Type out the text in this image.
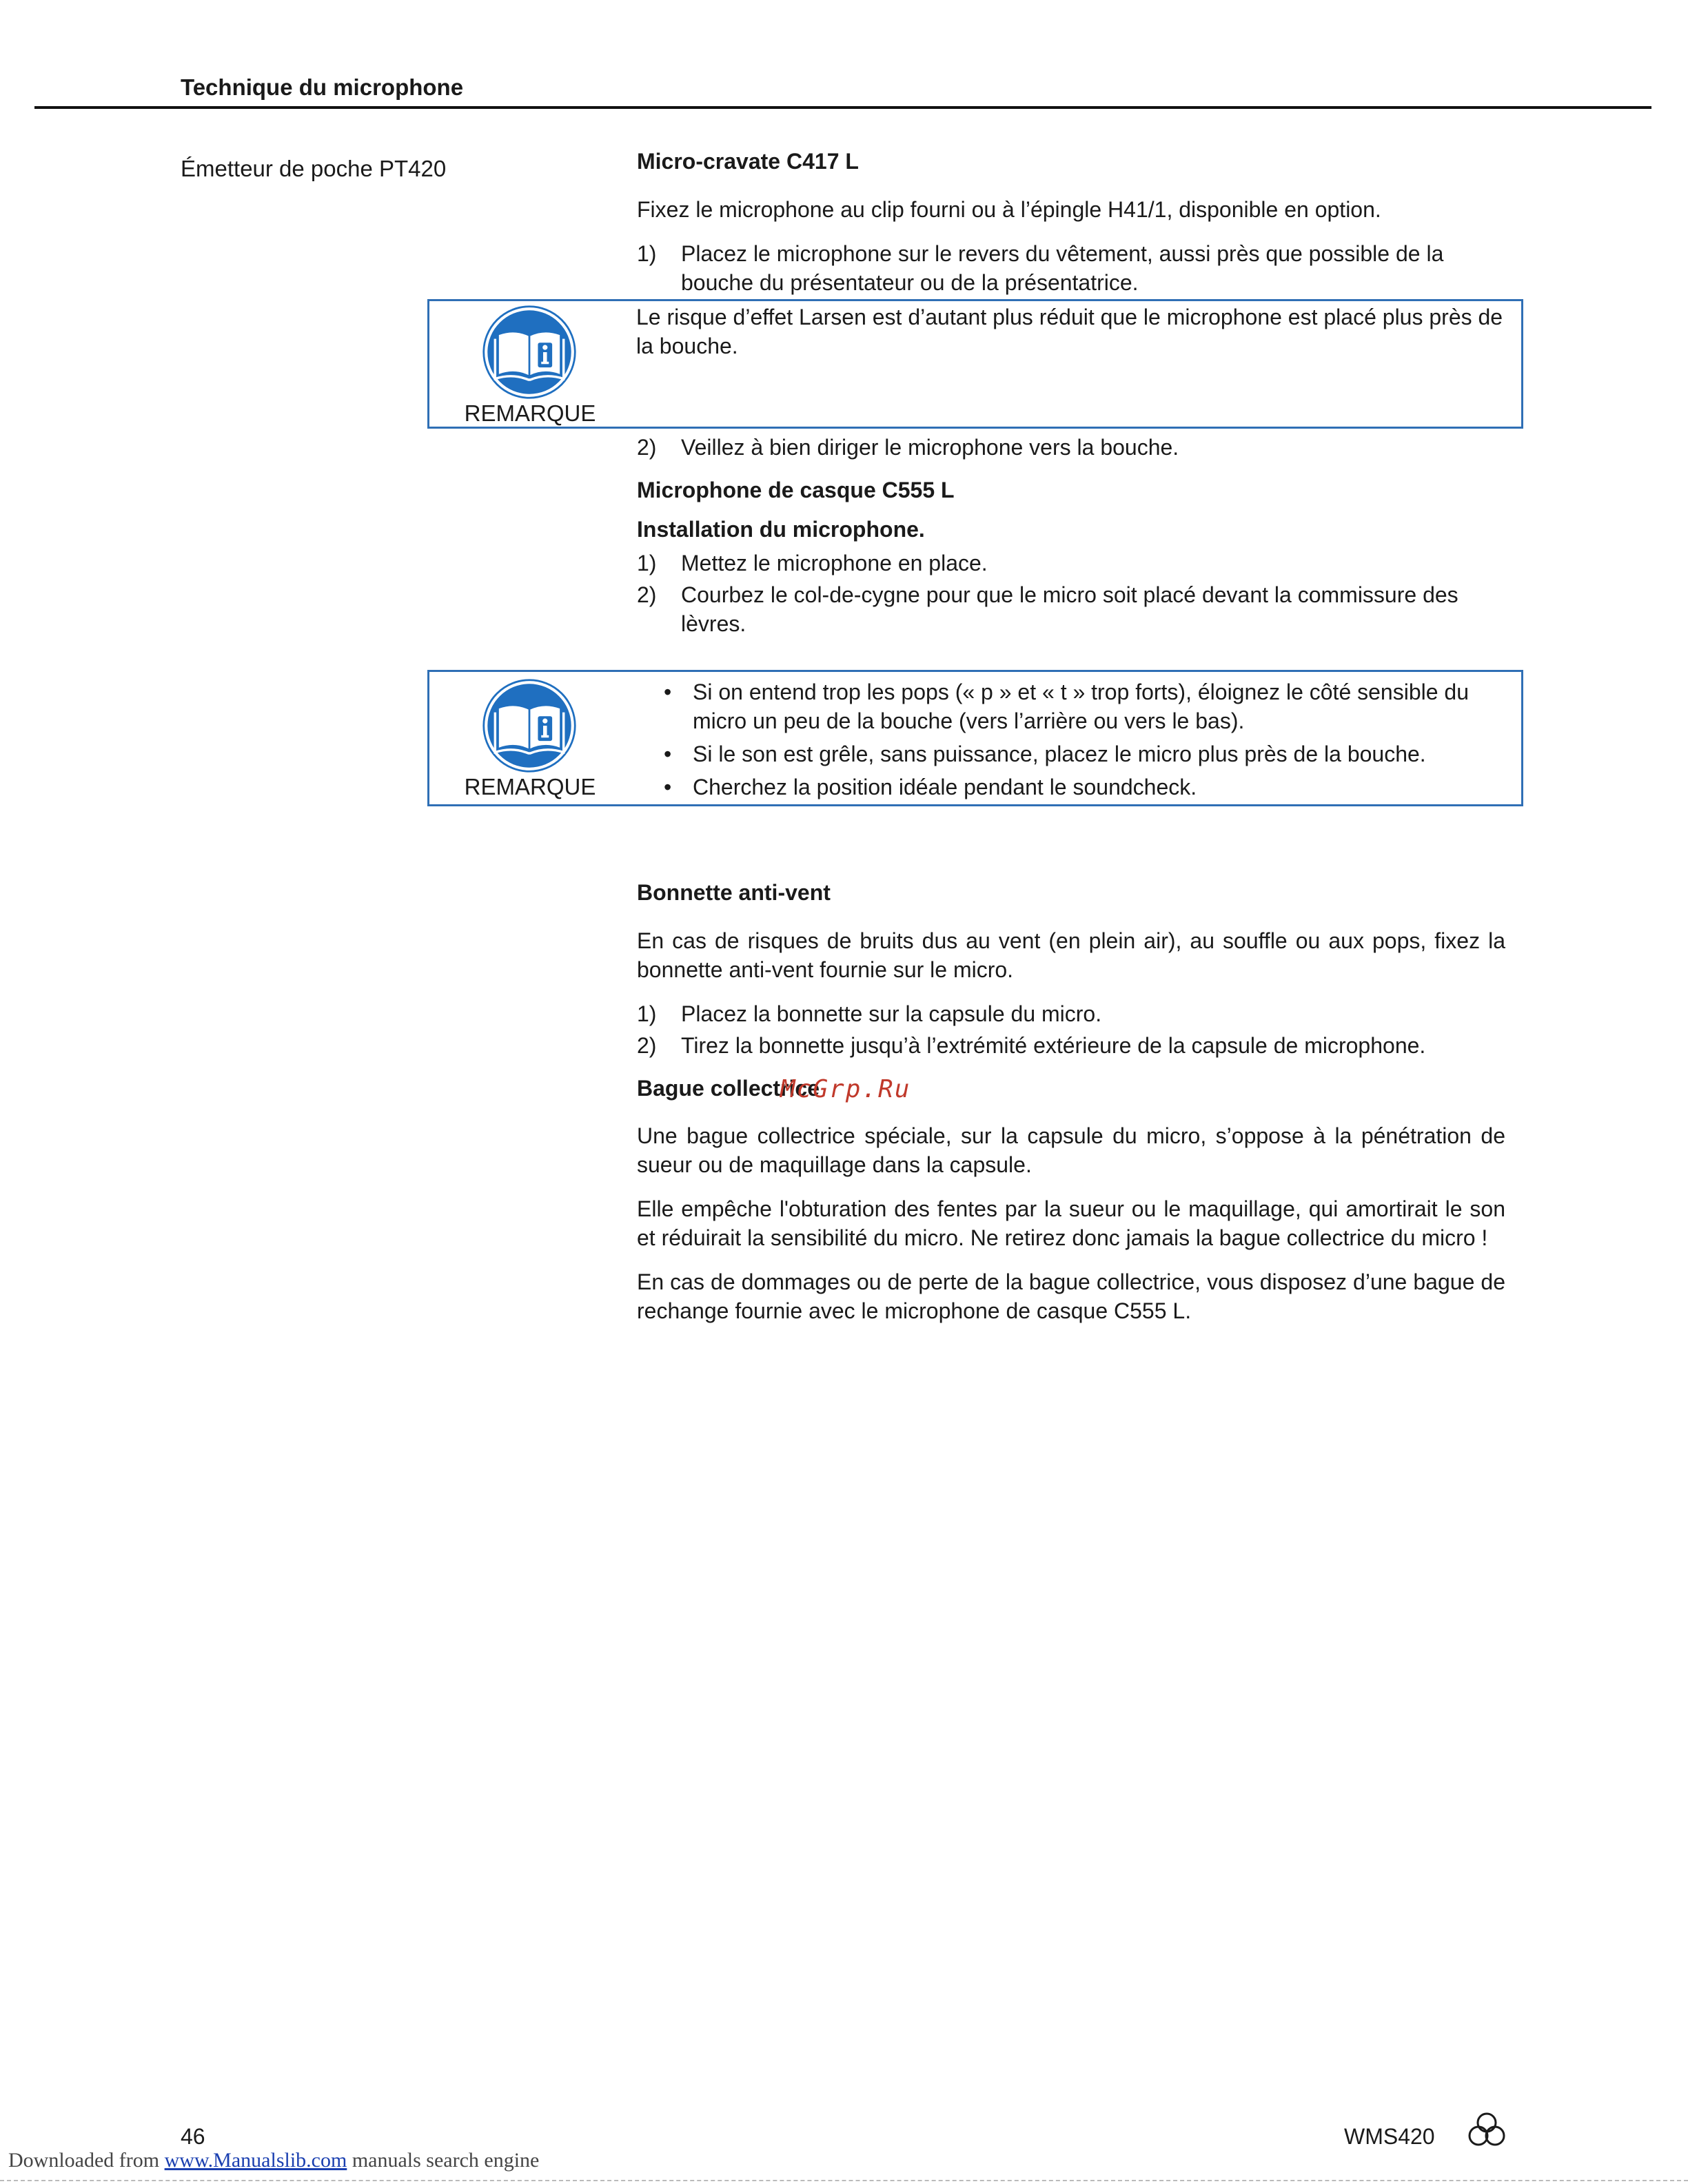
Technique du microphone
Émetteur de poche PT420	Micro-cravate C417 L
Fixez le microphone au clip fourni ou à l’épingle H41/1, disponible en option.
1) Placez le microphone sur le revers du vêtement, aussi près que possible de la bouche du présentateur ou de la présentatrice.
REMARQUE
Le risque d’effet Larsen est d’autant plus réduit que le microphone est placé plus près de la bouche.
2) Veillez à bien diriger le microphone vers la bouche.
Microphone de casque C555 L
Installation du microphone.
1) Mettez le microphone en place.
2) Courbez le col-de-cygne pour que le micro soit placé devant la commissure des lèvres.
REMARQUE
• Si on entend trop les pops (« p » et « t » trop forts), éloignez le côté sensible du micro un peu de la bouche (vers l’arrière ou vers le bas).
• Si le son est grêle, sans puissance, placez le micro plus près de la bouche.
• Cherchez la position idéale pendant le soundcheck.
Bonnette anti-vent
En cas de risques de bruits dus au vent (en plein air), au souffle ou aux pops, fixez la bonnette anti-vent fournie sur le micro.
1) Placez la bonnette sur la capsule du micro.
2) Tirez la bonnette jusqu’à l’extrémité extérieure de la capsule de microphone.
Bague collectrice
McGrp.Ru
Une bague collectrice spéciale, sur la capsule du micro, s’oppose à la pénétration de sueur ou de maquillage dans la capsule.
Elle empêche l'obturation des fentes par la sueur ou le maquillage, qui amortirait le son et réduirait la sensibilité du micro. Ne retirez donc jamais la bague collectrice du micro !
En cas de dommages ou de perte de la bague collectrice, vous disposez d’une bague de rechange fournie avec le microphone de casque C555 L.
46	WMS420
Downloaded from www.Manualslib.com manuals search engine
